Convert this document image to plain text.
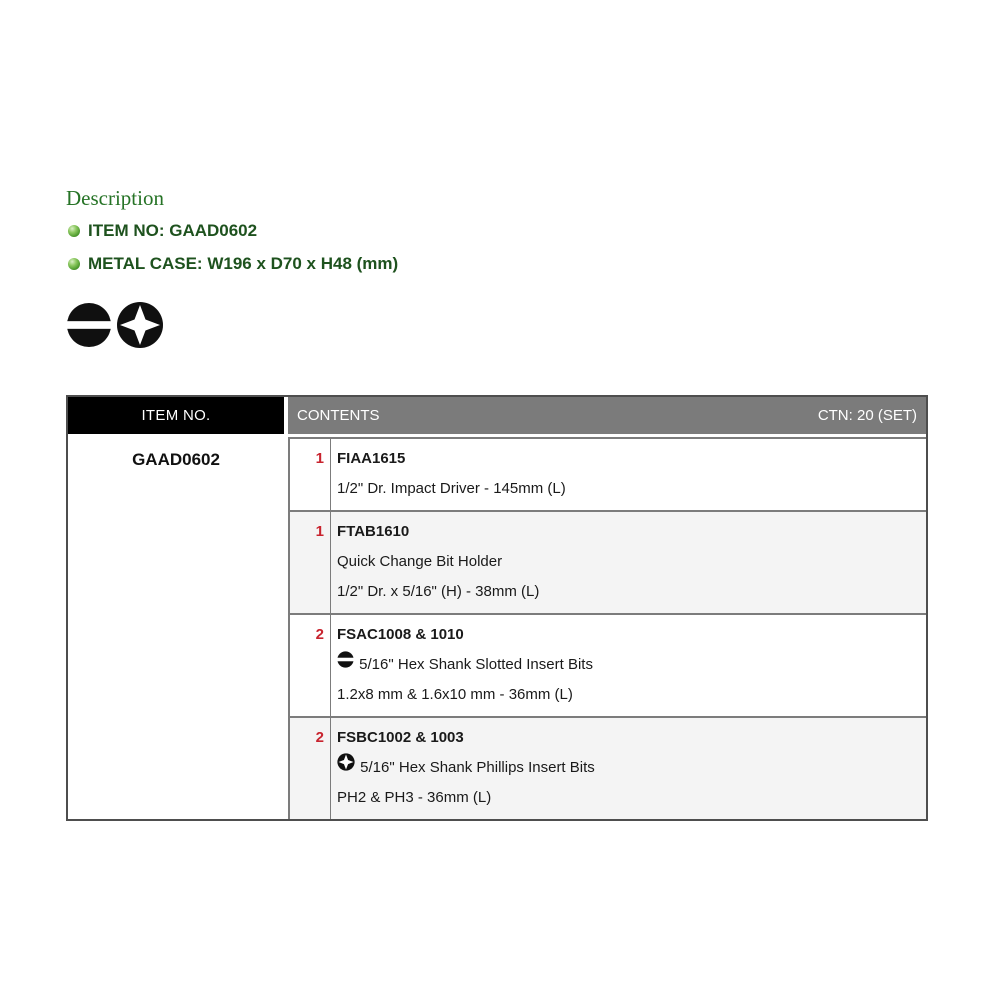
Description
ITEM NO: GAAD0602
METAL CASE: W196 x D70 x H48 (mm)
ITEM NO.	CONTENTS	CTN: 20 (SET)
GAAD0602	1 FIAA1615
1/2" Dr. Impact Driver - 145mm (L)
1 FTAB1610
Quick Change Bit Holder
1/2" Dr. x 5/16" (H) - 38mm (L)
2 FSAC1008 & 1010
5/16" Hex Shank Slotted Insert Bits
1.2x8 mm & 1.6x10 mm - 36mm (L)
2 FSBC1002 & 1003
5/16" Hex Shank Phillips Insert Bits
PH2 & PH3 - 36mm (L)
